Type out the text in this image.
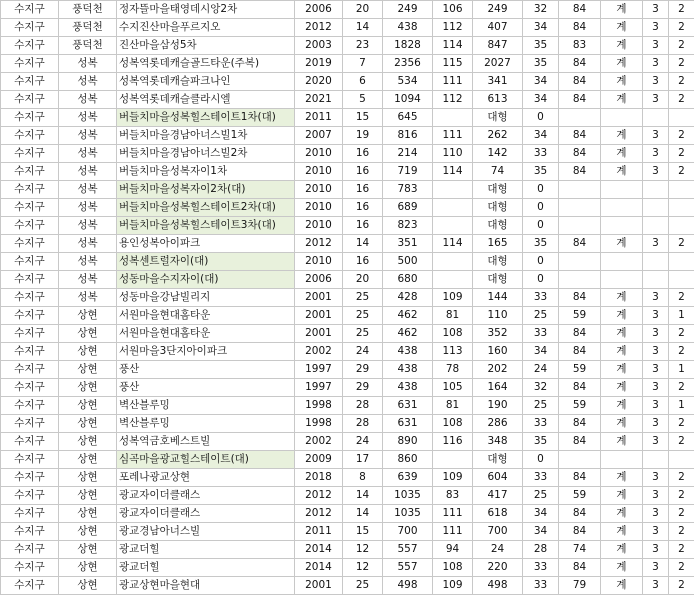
수지구	풍덕천	정자뜰마을태영데시앙2차	2006	20	249	106	249	32	84	계	3	2
수지구	풍덕천	수지진산마을푸르지오	2012	14	438	112	407	34	84	계	3	2
수지구	풍덕천	진산마을삼성5차	2003	23	1828	114	847	35	83	계	3	2
수지구	성복	성복역롯데캐슬골드타운(주복)	2019	7	2356	115	2027	35	84	계	3	2
수지구	성복	성복역롯데캐슬파크나인	2020	6	534	111	341	34	84	계	3	2
수지구	성복	성복역롯데캐슬클라시엘	2021	5	1094	112	613	34	84	계	3	2
수지구	성복	버들치마을성복힐스테이트1차(대)	2011	15	645		대형	0				
수지구	성복	버들치마을경남아너스빌1차	2007	19	816	111	262	34	84	계	3	2
수지구	성복	버들치마을경남아너스빌2차	2010	16	214	110	142	33	84	계	3	2
수지구	성복	버들치마을성복자이1차	2010	16	719	114	74	35	84	계	3	2
수지구	성복	버들치마을성복자이2차(대)	2010	16	783		대형	0				
수지구	성복	버들치마을성복힐스테이트2차(대)	2010	16	689		대형	0				
수지구	성복	버들치마을성복힐스테이트3차(대)	2010	16	823		대형	0				
수지구	성복	용인성복아이파크	2012	14	351	114	165	35	84	계	3	2
수지구	성복	성복센트럴자이(대)	2010	16	500		대형	0				
수지구	성복	성동마을수지자이(대)	2006	20	680		대형	0				
수지구	성복	성동마을강남빌리지	2001	25	428	109	144	33	84	계	3	2
수지구	상현	서원마을현대홈타운	2001	25	462	81	110	25	59	계	3	1
수지구	상현	서원마을현대홈타운	2001	25	462	108	352	33	84	계	3	2
수지구	상현	서원마을3단지아이파크	2002	24	438	113	160	34	84	계	3	2
수지구	상현	풍산	1997	29	438	78	202	24	59	계	3	1
수지구	상현	풍산	1997	29	438	105	164	32	84	계	3	2
수지구	상현	벽산블루밍	1998	28	631	81	190	25	59	계	3	1
수지구	상현	벽산블루밍	1998	28	631	108	286	33	84	계	3	2
수지구	상현	성복역금호베스트빌	2002	24	890	116	348	35	84	계	3	2
수지구	상현	심곡마을광교힐스테이트(대)	2009	17	860		대형	0				
수지구	상현	포레나광교상현	2018	8	639	109	604	33	84	계	3	2
수지구	상현	광교자이더클래스	2012	14	1035	83	417	25	59	계	3	2
수지구	상현	광교자이더클래스	2012	14	1035	111	618	34	84	계	3	2
수지구	상현	광교경남아너스빌	2011	15	700	111	700	34	84	계	3	2
수지구	상현	광교더힐	2014	12	557	94	24	28	74	계	3	2
수지구	상현	광교더힐	2014	12	557	108	220	33	84	계	3	2
수지구	상현	광교상현마을현대	2001	25	498	109	498	33	79	계	3	2
